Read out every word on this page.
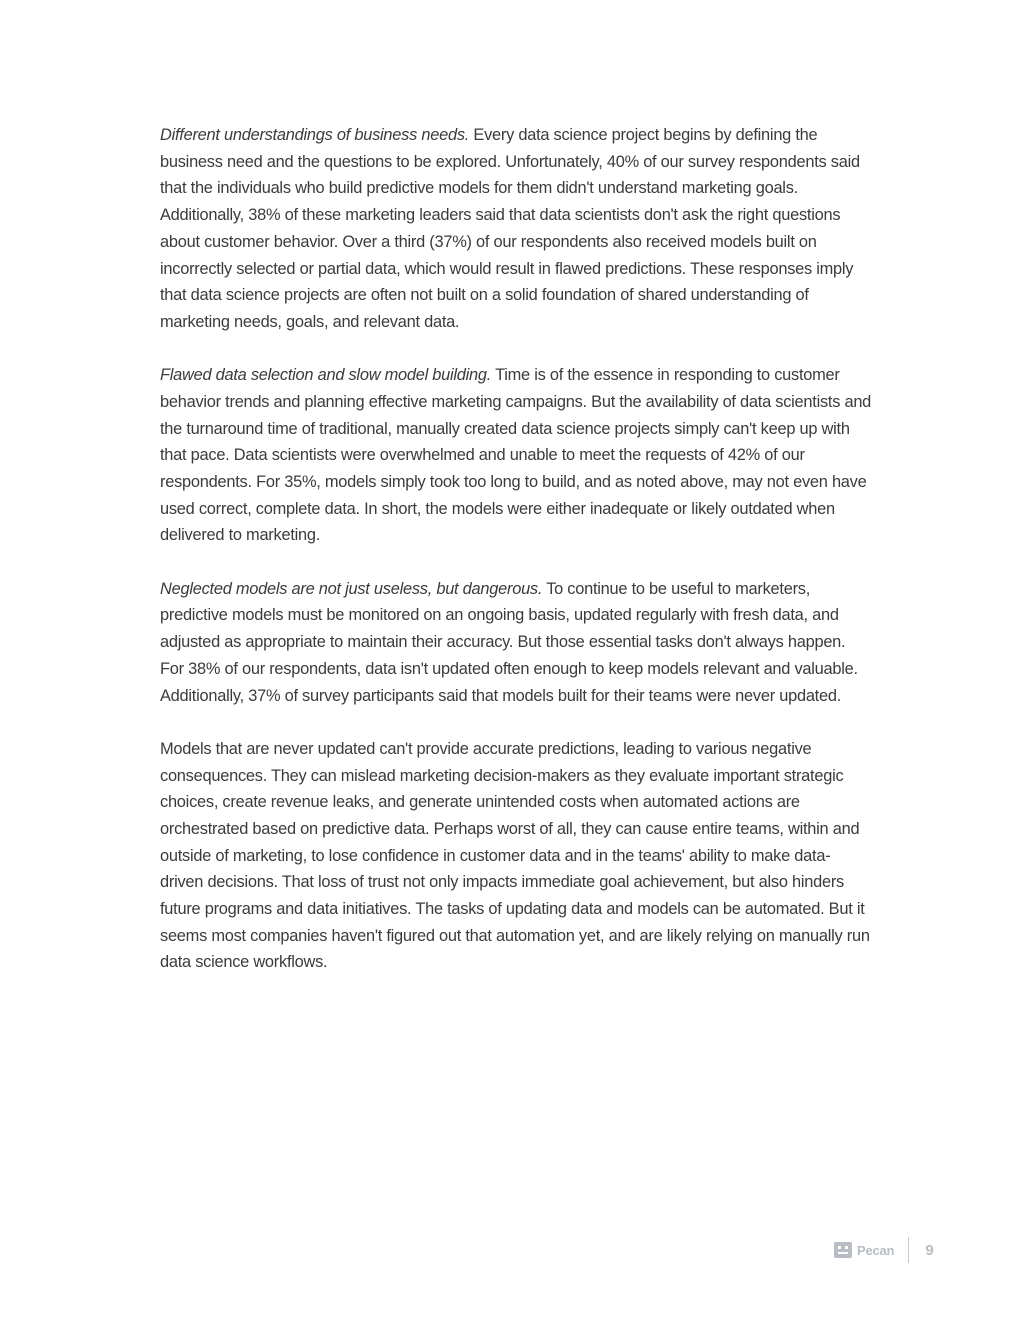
Different understandings of business needs. Every data science project begins by defining the business need and the questions to be explored. Unfortunately, 40% of our survey respondents said that the individuals who build predictive models for them didn't understand marketing goals. Additionally, 38% of these marketing leaders said that data scientists don't ask the right questions about customer behavior. Over a third (37%) of our respondents also received models built on incorrectly selected or partial data, which would result in flawed predictions. These responses imply that data science projects are often not built on a solid foundation of shared understanding of marketing needs, goals, and relevant data.

Flawed data selection and slow model building. Time is of the essence in responding to customer behavior trends and planning effective marketing campaigns. But the availability of data scientists and the turnaround time of traditional, manually created data science projects simply can't keep up with that pace. Data scientists were overwhelmed and unable to meet the requests of 42% of our respondents. For 35%, models simply took too long to build, and as noted above, may not even have used correct, complete data. In short, the models were either inadequate or likely outdated when delivered to marketing.

Neglected models are not just useless, but dangerous. To continue to be useful to marketers, predictive models must be monitored on an ongoing basis, updated regularly with fresh data, and adjusted as appropriate to maintain their accuracy. But those essential tasks don't always happen. For 38% of our respondents, data isn't updated often enough to keep models relevant and valuable. Additionally, 37% of survey participants said that models built for their teams were never updated.

Models that are never updated can't provide accurate predictions, leading to various negative consequences. They can mislead marketing decision-makers as they evaluate important strategic choices, create revenue leaks, and generate unintended costs when automated actions are orchestrated based on predictive data. Perhaps worst of all, they can cause entire teams, within and outside of marketing, to lose confidence in customer data and in the teams' ability to make data-driven decisions. That loss of trust not only impacts immediate goal achievement, but also hinders future programs and data initiatives. The tasks of updating data and models can be automated. But it seems most companies haven't figured out that automation yet, and are likely relying on manually run data science workflows.

Pecan 9
